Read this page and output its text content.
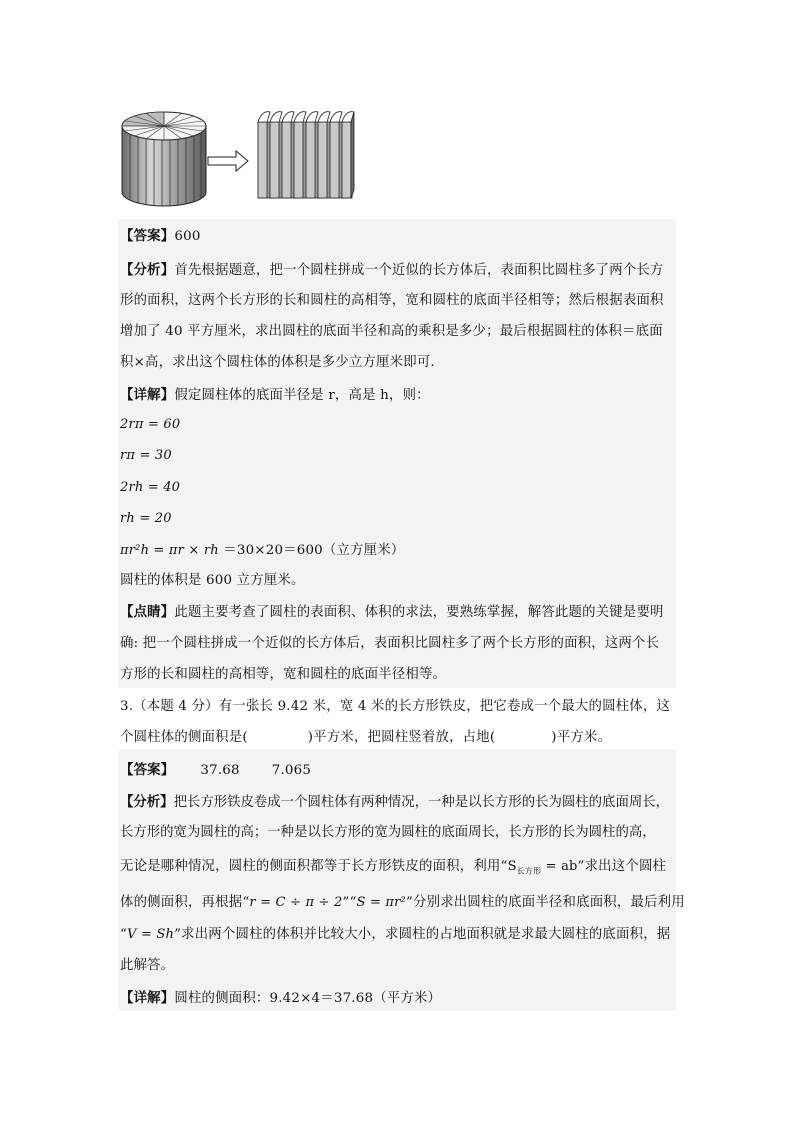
【答案】600
【分析】首先根据题意，把一个圆柱拼成一个近似的长方体后，表面积比圆柱多了两个长方
形的面积，这两个长方形的长和圆柱的高相等，宽和圆柱的底面半径相等；然后根据表面积
增加了 40 平方厘米，求出圆柱的底面半径和高的乘积是多少；最后根据圆柱的体积＝底面
积×高，求出这个圆柱体的体积是多少立方厘米即可.
【详解】假定圆柱体的底面半径是 r，高是 h，则：
2rπ = 60
rπ = 30
2rh = 40
rh = 20
πr²h = πr × rh ＝30×20＝600（立方厘米）
圆柱的体积是 600 立方厘米。
【点睛】此题主要考查了圆柱的表面积、体积的求法，要熟练掌握，解答此题的关键是要明
确: 把一个圆柱拼成一个近似的长方体后，表面积比圆柱多了两个长方形的面积，这两个长
方形的长和圆柱的高相等，宽和圆柱的底面半径相等。
3.（本题 4 分）有一张长 9.42 米，宽 4 米的长方形铁皮，把它卷成一个最大的圆柱体，这
个圆柱体的侧面积是(	)平方米，把圆柱竖着放，占地(	)平方米。
【答案】 37.68 7.065
【分析】把长方形铁皮卷成一个圆柱体有两种情况，一种是以长方形的长为圆柱的底面周长，
长方形的宽为圆柱的高；一种是以长方形的宽为圆柱的底面周长，长方形的长为圆柱的高，
无论是哪种情况，圆柱的侧面积都等于长方形铁皮的面积，利用“$S_{长方形}$ = ab”求出这个圆柱
体的侧面积，再根据“r = C ÷ π ÷ 2”“S = πr²”分别求出圆柱的底面半径和底面积，最后利用
“V = Sh”求出两个圆柱的体积并比较大小，求圆柱的占地面积就是求最大圆柱的底面积，据
此解答。
【详解】圆柱的侧面积：9.42×4＝37.68（平方米）
